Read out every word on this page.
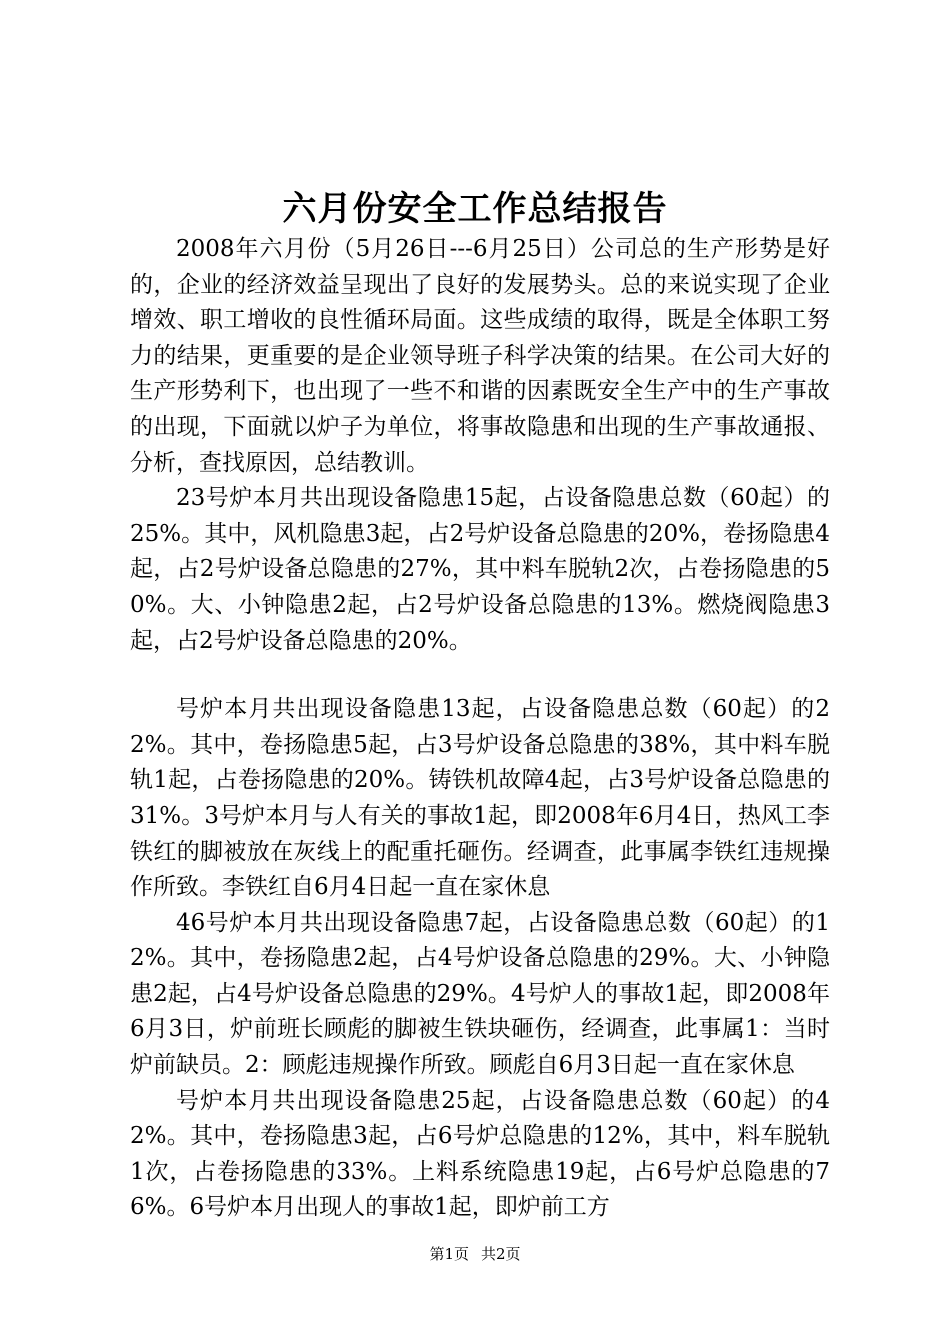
六月份安全工作总结报告

2008年六月份（5月26日---6月25日）公司总的生产形势是好的，企业的经济效益呈现出了良好的发展势头。总的来说实现了企业增效、职工增收的良性循环局面。这些成绩的取得，既是全体职工努力的结果，更重要的是企业领导班子科学决策的结果。在公司大好的生产形势利下，也出现了一些不和谐的因素既安全生产中的生产事故的出现，下面就以炉子为单位，将事故隐患和出现的生产事故通报、分析，查找原因，总结教训。

23号炉本月共出现设备隐患15起，占设备隐患总数（60起）的25%。其中，风机隐患3起，占2号炉设备总隐患的20%，卷扬隐患4起，占2号炉设备总隐患的27%，其中料车脱轨2次，占卷扬隐患的50%。大、小钟隐患2起，占2号炉设备总隐患的13%。燃烧阀隐患3起，占2号炉设备总隐患的20%。

号炉本月共出现设备隐患13起，占设备隐患总数（60起）的22%。其中，卷扬隐患5起，占3号炉设备总隐患的38%，其中料车脱轨1起，占卷扬隐患的20%。铸铁机故障4起，占3号炉设备总隐患的31%。3号炉本月与人有关的事故1起，即2008年6月4日，热风工李铁红的脚被放在灰线上的配重托砸伤。经调查，此事属李铁红违规操作所致。李铁红自6月4日起一直在家休息

46号炉本月共出现设备隐患7起，占设备隐患总数（60起）的12%。其中，卷扬隐患2起，占4号炉设备总隐患的29%。大、小钟隐患2起，占4号炉设备总隐患的29%。4号炉人的事故1起，即2008年6月3日，炉前班长顾彪的脚被生铁块砸伤，经调查，此事属1：当时炉前缺员。2：顾彪违规操作所致。顾彪自6月3日起一直在家休息

号炉本月共出现设备隐患25起，占设备隐患总数（60起）的42%。其中，卷扬隐患3起，占6号炉总隐患的12%，其中，料车脱轨1次，占卷扬隐患的33%。上料系统隐患19起，占6号炉总隐患的76%。6号炉本月出现人的事故1起，即炉前工方

第1页 共2页
